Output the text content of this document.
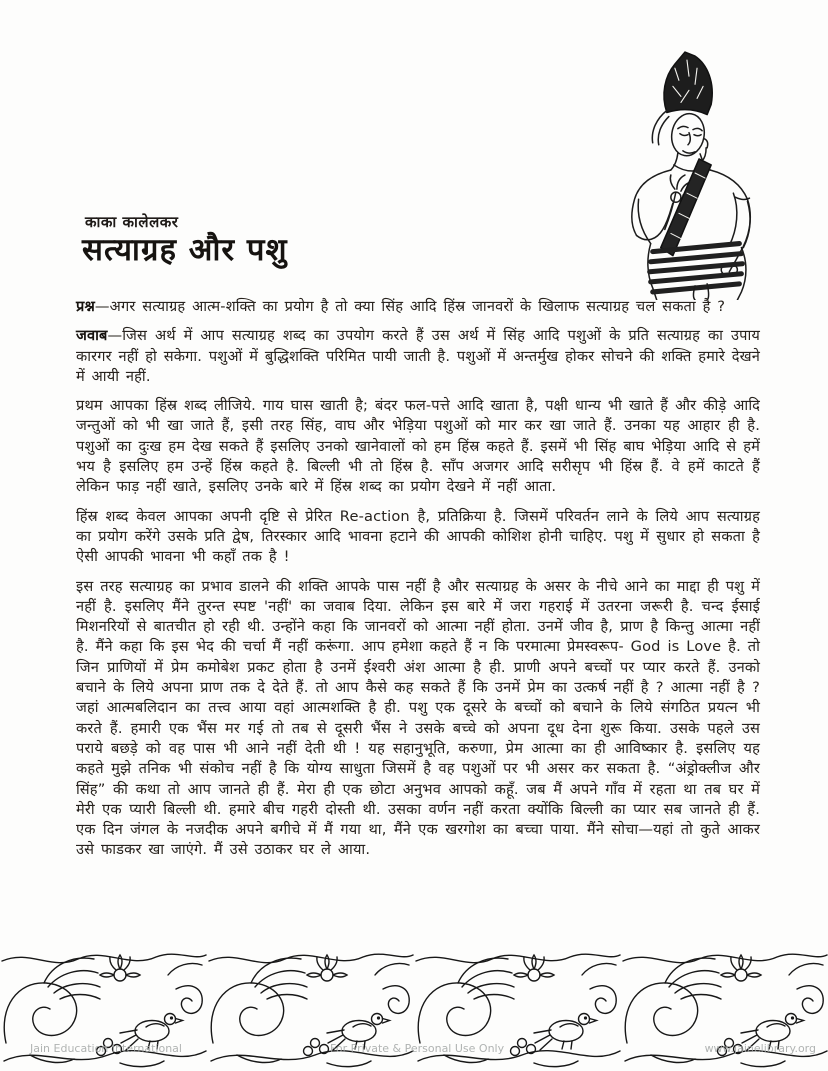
काका कालेलकर
सत्याग्रह और पशु

प्रश्न—अगर सत्याग्रह आत्म-शक्ति का प्रयोग है तो क्या सिंह आदि हिंस्र जानवरों के खिलाफ सत्याग्रह चल सकता है ?

जवाब—जिस अर्थ में आप सत्याग्रह शब्द का उपयोग करते हैं उस अर्थ में सिंह आदि पशुओं के प्रति सत्याग्रह का उपाय कारगर नहीं हो सकेगा. पशुओं में बुद्धिशक्ति परिमित पायी जाती है. पशुओं में अन्तर्मुख होकर सोचने की शक्ति हमारे देखने में आयी नहीं.

प्रथम आपका हिंस्र शब्द लीजिये. गाय घास खाती है; बंदर फल-पत्ते आदि खाता है, पक्षी धान्य भी खाते हैं और कीड़े आदि जन्तुओं को भी खा जाते हैं, इसी तरह सिंह, वाघ और भेड़िया पशुओं को मार कर खा जाते हैं. उनका यह आहार ही है. पशुओं का दुःख हम देख सकते हैं इसलिए उनको खानेवालों को हम हिंस्र कहते हैं. इसमें भी सिंह बाघ भेड़िया आदि से हमें भय है इसलिए हम उन्हें हिंस्र कहते है. बिल्ली भी तो हिंस्र है. साँप अजगर आदि सरीसृप भी हिंस्र हैं. वे हमें काटते हैं लेकिन फाड़ नहीं खाते, इसलिए उनके बारे में हिंस्र शब्द का प्रयोग देखने में नहीं आता.

हिंस्र शब्द केवल आपका अपनी दृष्टि से प्रेरित Re-action है, प्रतिक्रिया है. जिसमें परिवर्तन लाने के लिये आप सत्याग्रह का प्रयोग करेंगे उसके प्रति द्वेष, तिरस्कार आदि भावना हटाने की आपकी कोशिश होनी चाहिए. पशु में सुधार हो सकता है ऐसी आपकी भावना भी कहाँ तक है !

इस तरह सत्याग्रह का प्रभाव डालने की शक्ति आपके पास नहीं है और सत्याग्रह के असर के नीचे आने का माद्दा ही पशु में नहीं है. इसलिए मैंने तुरन्त स्पष्ट 'नहीं' का जवाब दिया. लेकिन इस बारे में जरा गहराई में उतरना जरूरी है. चन्द ईसाई मिशनरियों से बातचीत हो रही थी. उन्होंने कहा कि जानवरों को आत्मा नहीं होता. उनमें जीव है, प्राण है किन्तु आत्मा नहीं है. मैंने कहा कि इस भेद की चर्चा मैं नहीं करूंगा. आप हमेशा कहते हैं न कि परमात्मा प्रेमस्वरूप- God is Love है. तो जिन प्राणियों में प्रेम कमोबेश प्रकट होता है उनमें ईश्वरी अंश आत्मा है ही. प्राणी अपने बच्चों पर प्यार करते हैं. उनको बचाने के लिये अपना प्राण तक दे देते हैं. तो आप कैसे कह सकते हैं कि उनमें प्रेम का उत्कर्ष नहीं है ? आत्मा नहीं है ? जहां आत्मबलिदान का तत्त्व आया वहां आत्मशक्ति है ही. पशु एक दूसरे के बच्चों को बचाने के लिये संगठित प्रयत्न भी करते हैं. हमारी एक भैंस मर गई तो तब से दूसरी भैंस ने उसके बच्चे को अपना दूध देना शुरू किया. उसके पहले उस पराये बछड़े को वह पास भी आने नहीं देती थी ! यह सहानुभूति, करुणा, प्रेम आत्मा का ही आविष्कार है. इसलिए यह कहते मुझे तनिक भी संकोच नहीं है कि योग्य साधुता जिसमें है वह पशुओं पर भी असर कर सकता है. “अंड्रोक्लीज और सिंह” की कथा तो आप जानते ही हैं. मेरा ही एक छोटा अनुभव आपको कहूँ. जब मैं अपने गाँव में रहता था तब घर में मेरी एक प्यारी बिल्ली थी. हमारे बीच गहरी दोस्ती थी. उसका वर्णन नहीं करता क्योंकि बिल्ली का प्यार सब जानते ही हैं. एक दिन जंगल के नजदीक अपने बगीचे में मैं गया था, मैंने एक खरगोश का बच्चा पाया. मैंने सोचा—यहां तो कुते आकर उसे फाडकर खा जाएंगे. मैं उसे उठाकर घर ले आया.

Jain Education International	For Private & Personal Use Only	www.jainelibrary.org
